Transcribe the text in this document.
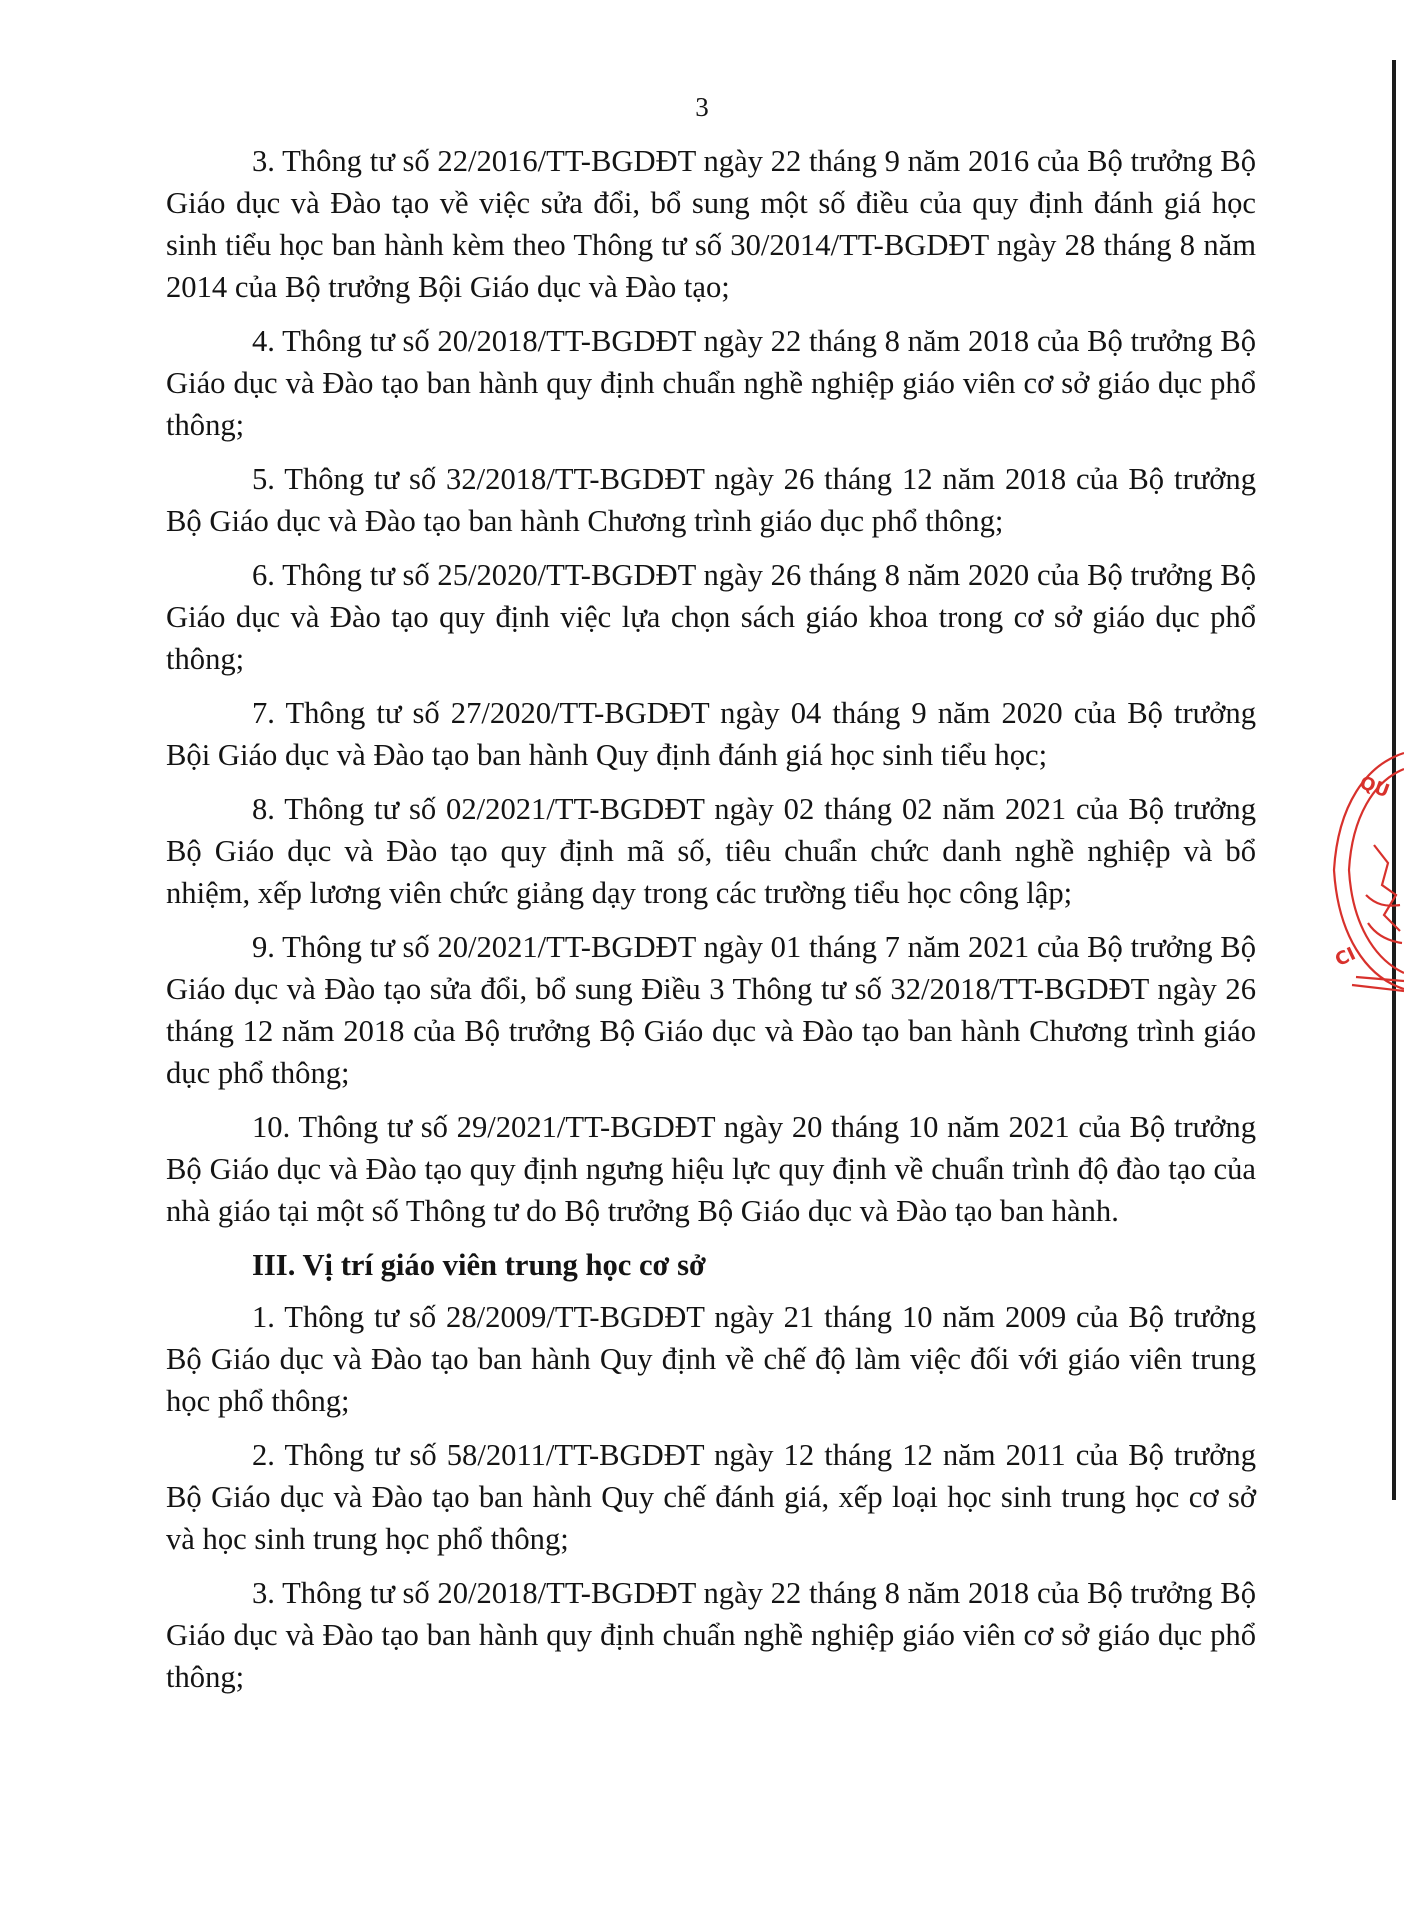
3

3. Thông tư số 22/2016/TT-BGDĐT ngày 22 tháng 9 năm 2016 của Bộ trưởng Bộ Giáo dục và Đào tạo về việc sửa đổi, bổ sung một số điều của quy định đánh giá học sinh tiểu học ban hành kèm theo Thông tư số 30/2014/TT-BGDĐT ngày 28 tháng 8 năm 2014 của Bộ trưởng Bội Giáo dục và Đào tạo;

4. Thông tư số 20/2018/TT-BGDĐT ngày 22 tháng 8 năm 2018 của Bộ trưởng Bộ Giáo dục và Đào tạo ban hành quy định chuẩn nghề nghiệp giáo viên cơ sở giáo dục phổ thông;

5. Thông tư số 32/2018/TT-BGDĐT ngày 26 tháng 12 năm 2018 của Bộ trưởng Bộ Giáo dục và Đào tạo ban hành Chương trình giáo dục phổ thông;

6. Thông tư số 25/2020/TT-BGDĐT ngày 26 tháng 8 năm 2020 của Bộ trưởng Bộ Giáo dục và Đào tạo quy định việc lựa chọn sách giáo khoa trong cơ sở giáo dục phổ thông;

7. Thông tư số 27/2020/TT-BGDĐT ngày 04 tháng 9 năm 2020 của Bộ trưởng Bội Giáo dục và Đào tạo ban hành Quy định đánh giá học sinh tiểu học;

8. Thông tư số 02/2021/TT-BGDĐT ngày 02 tháng 02 năm 2021 của Bộ trưởng Bộ Giáo dục và Đào tạo quy định mã số, tiêu chuẩn chức danh nghề nghiệp và bổ nhiệm, xếp lương viên chức giảng dạy trong các trường tiểu học công lập;

9. Thông tư số 20/2021/TT-BGDĐT ngày 01 tháng 7 năm 2021 của Bộ trưởng Bộ Giáo dục và Đào tạo sửa đổi, bổ sung Điều 3 Thông tư số 32/2018/TT-BGDĐT ngày 26 tháng 12 năm 2018 của Bộ trưởng Bộ Giáo dục và Đào tạo ban hành Chương trình giáo dục phổ thông;

10. Thông tư số 29/2021/TT-BGDĐT ngày 20 tháng 10 năm 2021 của Bộ trưởng Bộ Giáo dục và Đào tạo quy định ngưng hiệu lực quy định về chuẩn trình độ đào tạo của nhà giáo tại một số Thông tư do Bộ trưởng Bộ Giáo dục và Đào tạo ban hành.

III. Vị trí giáo viên trung học cơ sở

1. Thông tư số 28/2009/TT-BGDĐT ngày 21 tháng 10 năm 2009 của Bộ trưởng Bộ Giáo dục và Đào tạo ban hành Quy định về chế độ làm việc đối với giáo viên trung học phổ thông;

2. Thông tư số 58/2011/TT-BGDĐT ngày 12 tháng 12 năm 2011 của Bộ trưởng Bộ Giáo dục và Đào tạo ban hành Quy chế đánh giá, xếp loại học sinh trung học cơ sở và học sinh trung học phổ thông;

3. Thông tư số 20/2018/TT-BGDĐT ngày 22 tháng 8 năm 2018 của Bộ trưởng Bộ Giáo dục và Đào tạo ban hành quy định chuẩn nghề nghiệp giáo viên cơ sở giáo dục phổ thông;

QU
CI
